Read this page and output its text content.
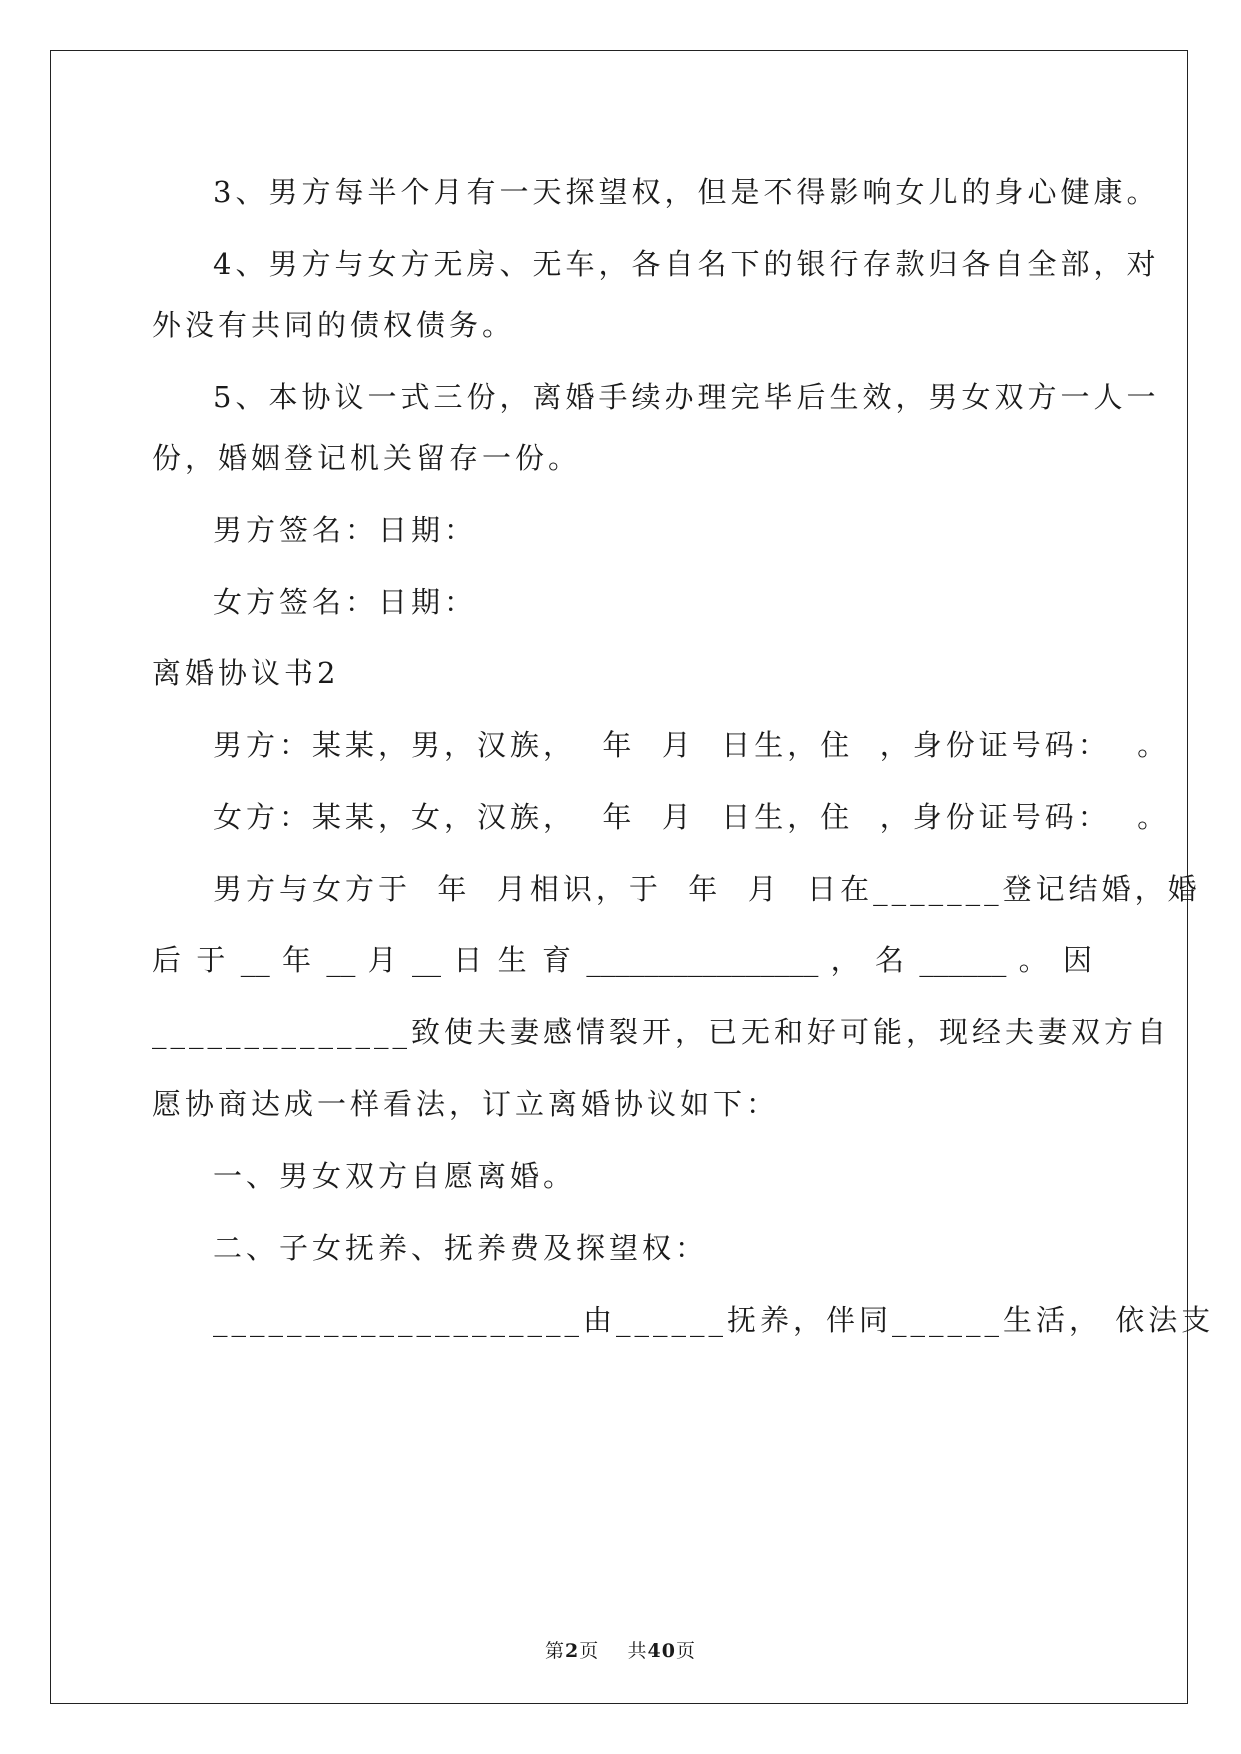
3、男方每半个月有一天探望权，但是不得影响女儿的身心健康。
4、男方与女方无房、无车，各自名下的银行存款归各自全部，对
外没有共同的债权债务。
5、本协议一式三份，离婚手续办理完毕后生效，男女双方一人一
份，婚姻登记机关留存一份。
男方签名：日期：
女方签名：日期：
离婚协议书2
男方：某某，男，汉族，  年  月  日生，住  ，身份证号码：  。
女方：某某，女，汉族，  年  月  日生，住  ，身份证号码：  。
男方与女方于  年  月相识，于  年  月  日在_______登记结婚，婚
后 于 __ 年 __ 月 __ 日 生 育 ________________ ， 名 ______ 。 因
______________致使夫妻感情裂开，已无和好可能，现经夫妻双方自
愿协商达成一样看法，订立离婚协议如下：
一、男女双方自愿离婚。
二、子女抚养、抚养费及探望权：
____________________由______抚养，伴同______生活， 依法支
第2页 共40页
